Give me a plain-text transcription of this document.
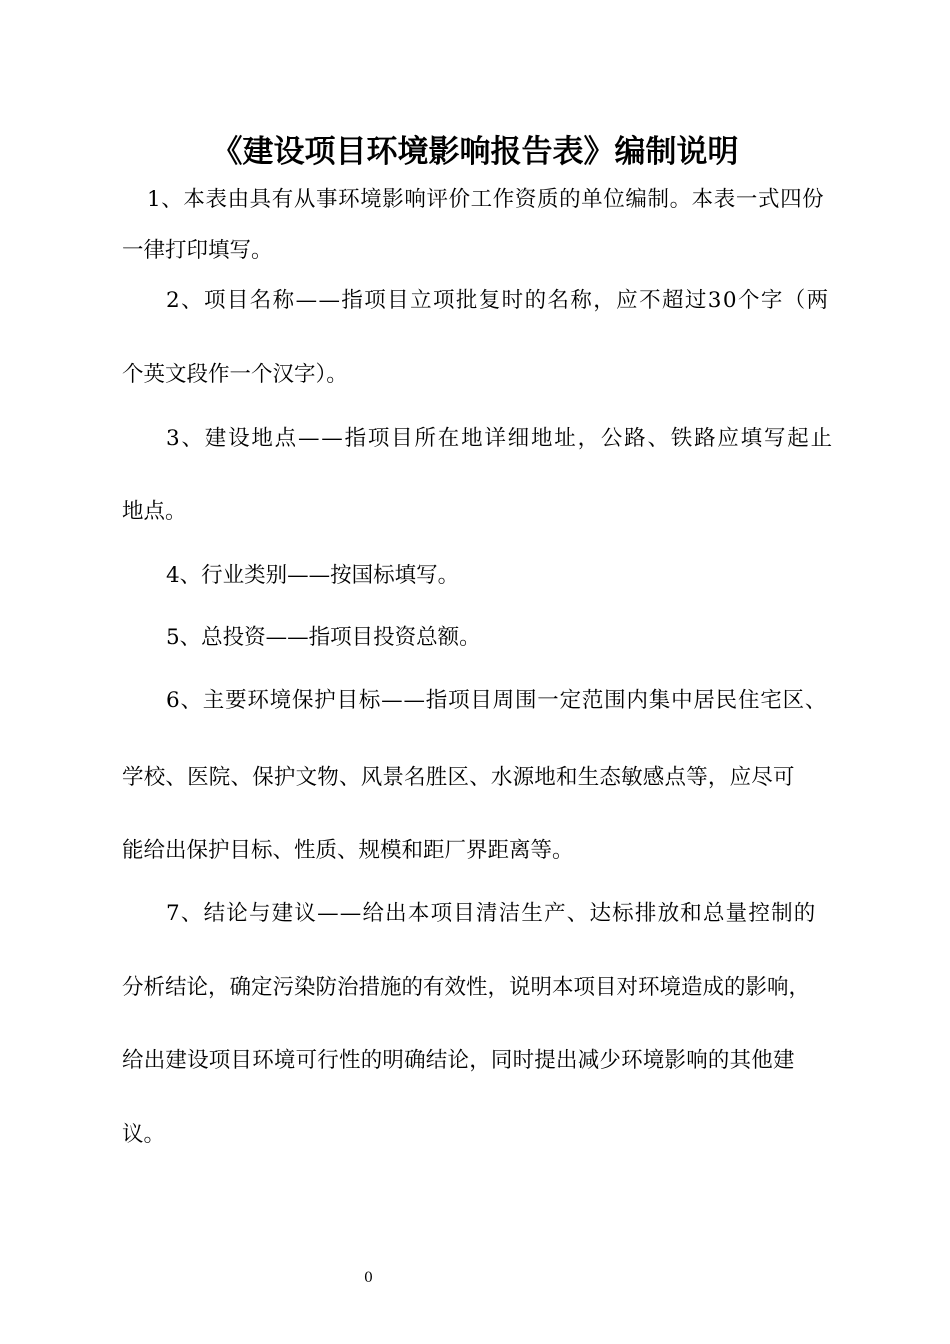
《建设项目环境影响报告表》编制说明
1、本表由具有从事环境影响评价工作资质的单位编制。本表一式四份
一律打印填写。
2、项目名称——指项目立项批复时的名称，应不超过30个字（两
个英文段作一个汉字）。
3、建设地点——指项目所在地详细地址，公路、铁路应填写起止
地点。
4、行业类别——按国标填写。
5、总投资——指项目投资总额。
6、主要环境保护目标——指项目周围一定范围内集中居民住宅区、
学校、医院、保护文物、风景名胜区、水源地和生态敏感点等，应尽可
能给出保护目标、性质、规模和距厂界距离等。
7、结论与建议——给出本项目清洁生产、达标排放和总量控制的
分析结论，确定污染防治措施的有效性，说明本项目对环境造成的影响，
给出建设项目环境可行性的明确结论，同时提出减少环境影响的其他建
议。
0
